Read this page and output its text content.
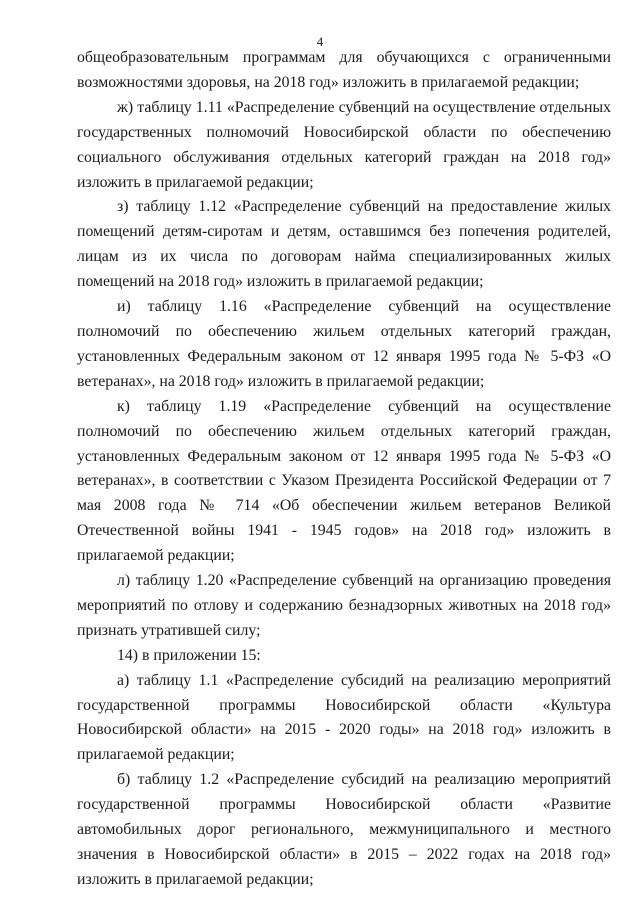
4

общеобразовательным программам для обучающихся с ограниченными возможностями здоровья, на 2018 год» изложить в прилагаемой редакции;

ж) таблицу 1.11 «Распределение субвенций на осуществление отдельных государственных полномочий Новосибирской области по обеспечению социального обслуживания отдельных категорий граждан на 2018 год» изложить в прилагаемой редакции;

з) таблицу 1.12 «Распределение субвенций на предоставление жилых помещений детям-сиротам и детям, оставшимся без попечения родителей, лицам из их числа по договорам найма специализированных жилых помещений на 2018 год» изложить в прилагаемой редакции;

и) таблицу 1.16 «Распределение субвенций на осуществление полномочий по обеспечению жильем отдельных категорий граждан, установленных Федеральным законом от 12 января 1995 года № 5-ФЗ «О ветеранах», на 2018 год» изложить в прилагаемой редакции;

к) таблицу 1.19 «Распределение субвенций на осуществление полномочий по обеспечению жильем отдельных категорий граждан, установленных Федеральным законом от 12 января 1995 года № 5-ФЗ «О ветеранах», в соответствии с Указом Президента Российской Федерации от 7 мая 2008 года № 714 «Об обеспечении жильем ветеранов Великой Отечественной войны 1941 - 1945 годов» на 2018 год» изложить в прилагаемой редакции;

л) таблицу 1.20 «Распределение субвенций на организацию проведения мероприятий по отлову и содержанию безнадзорных животных на 2018 год» признать утратившей силу;

14) в приложении 15:

а) таблицу 1.1 «Распределение субсидий на реализацию мероприятий государственной программы Новосибирской области «Культура Новосибирской области» на 2015 - 2020 годы» на 2018 год» изложить в прилагаемой редакции;

б) таблицу 1.2 «Распределение субсидий на реализацию мероприятий государственной программы Новосибирской области «Развитие автомобильных дорог регионального, межмуниципального и местного значения в Новосибирской области» в 2015 – 2022 годах на 2018 год» изложить в прилагаемой редакции;
